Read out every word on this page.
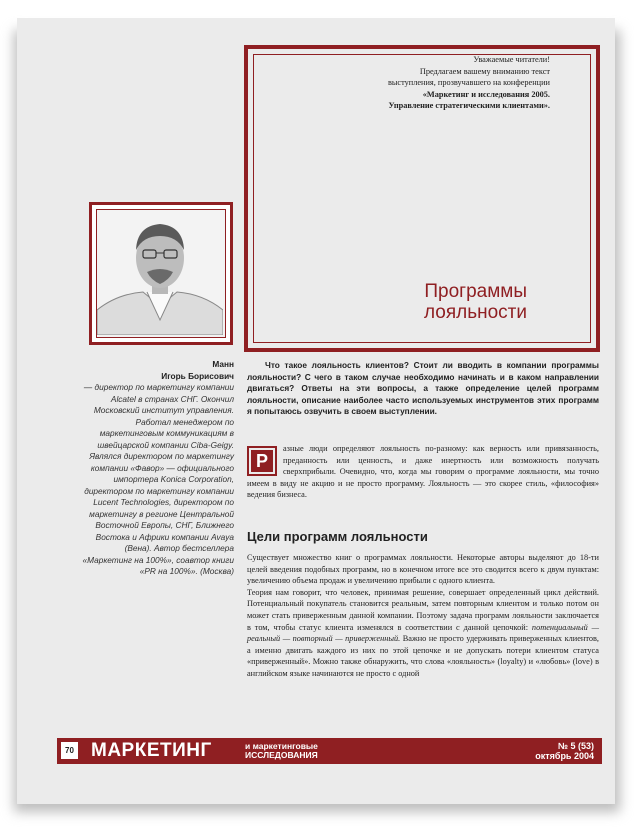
Уважаемые читатели!
Предлагаем вашему вниманию текст
выступления, прозвучавшего на конференции
«Маркетинг и исследования 2005.
Управление стратегическими клиентами».
Программы
лояльности
Манн
Игорь Борисович
— директор по маркетингу компании Alcatel в странах СНГ. Окончил Московский институт управления. Работал менеджером по маркетинговым коммуникациям в швейцарской компании Ciba-Geigy. Являлся директором по маркетингу компании «Фавор» — официального импортера Konica Corporation, директором по маркетингу компании Lucent Technologies, директором по маркетингу в регионе Центральной Восточной Европы, СНГ, Ближнего Востока и Африки компании Avaya (Вена). Автор бестселлера «Маркетинг на 100%», соавтор книги «PR на 100%». (Москва)
Что такое лояльность клиентов? Стоит ли вводить в компании программы лояльности? С чего в таком случае необходимо начинать и в каком направлении двигаться? Ответы на эти вопросы, а также определение целей программ лояльности, описание наиболее часто используемых инструментов этих программ я попытаюсь озвучить в своем выступлении.
Р
азные люди определяют лояльность по-разному: как верность или привязанность, преданность или ценность, и даже инертность или возможность получать сверхприбыли. Очевидно, что, когда мы говорим о программе лояльности, мы точно имеем в виду не акцию и не просто программу. Лояльность — это скорее стиль, «философия» ведения бизнеса.
Цели программ лояльности

Существует множество книг о программах лояльности. Некоторые авторы выделяют до 18-ти целей введения подобных программ, но в конечном итоге все это сводится всего к двум пунктам: увеличению объема продаж и увеличению прибыли с одного клиента.

Теория нам говорит, что человек, принимая решение, совершает определенный цикл действий. Потенциальный покупатель становится реальным, затем повторным клиентом и только потом он может стать приверженным данной компании. Поэтому задача программ лояльности заключается в том, чтобы статус клиента изменялся в соответствии с данной цепочкой: потенциальный — реальный — повторный — приверженный. Важно не просто удерживать приверженных клиентов, а именно двигать каждого из них по этой цепочке и не допускать потери клиентом статуса «приверженный». Можно также обнаружить, что слова «лояльность» (loyalty) и «любовь» (love) в английском языке начинаются не просто с одной

70 МАРКЕТИНГ	и маркетинговые
ИССЛЕДОВАНИЯ
№ 5 (53)
октябрь 2004
